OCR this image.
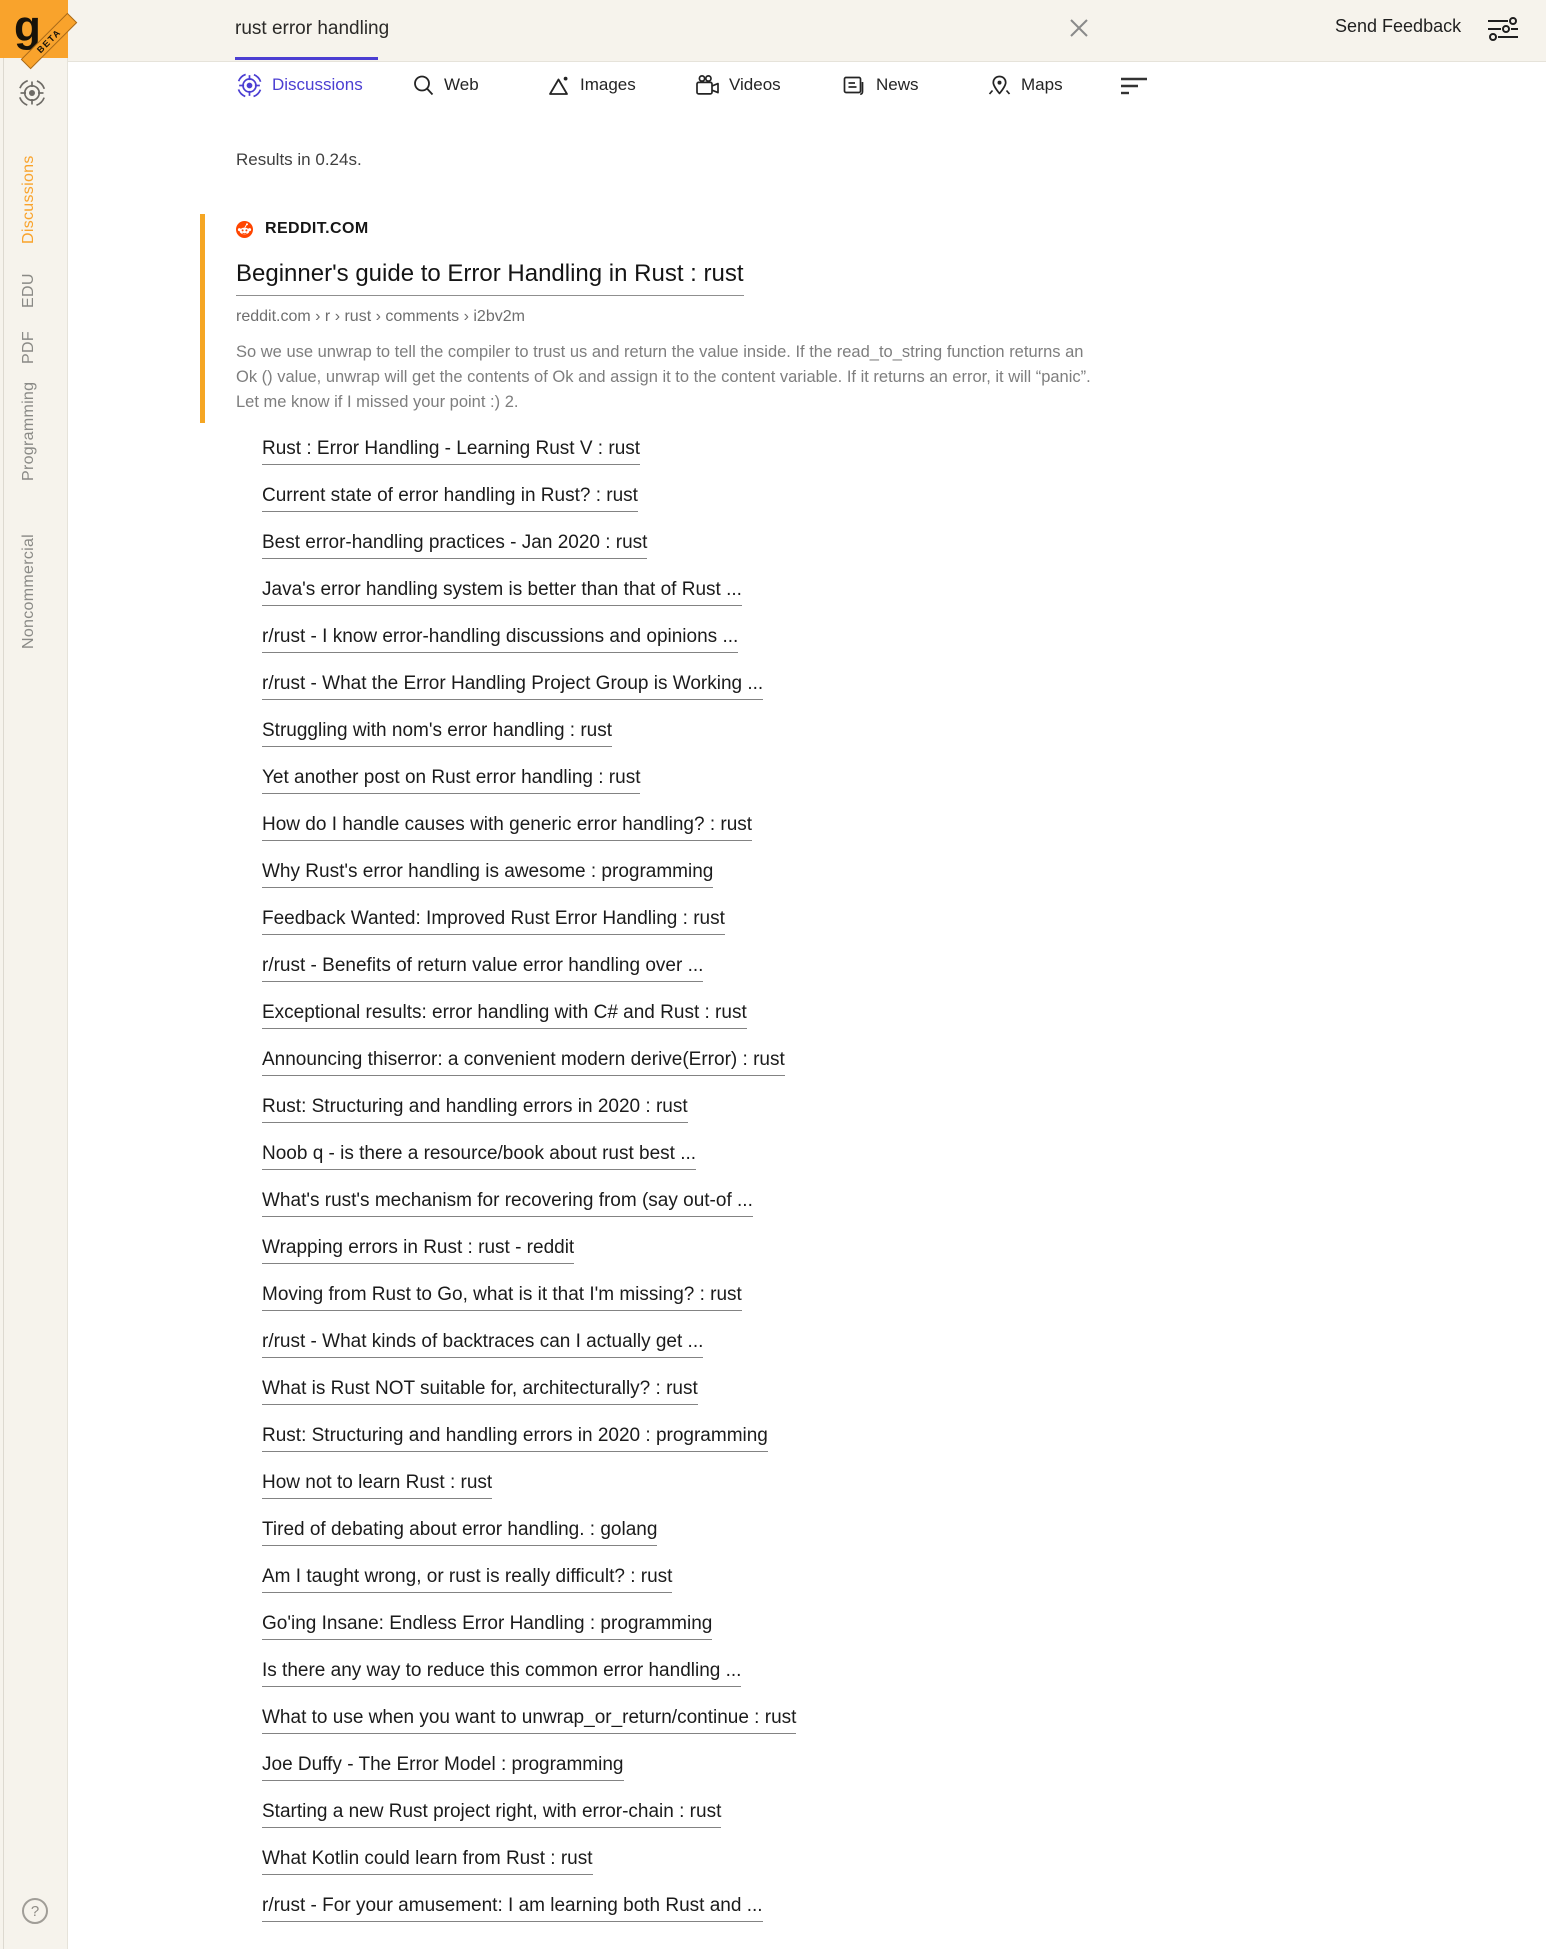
g
BETA
Discussions
EDU
PDF
Programming
Noncommercial
?
rust error handling	Send Feedback
Discussions	Web	Images	Videos	News	Maps
Results in 0.24s.
REDDIT.COM
Beginner's guide to Error Handling in Rust : rust
reddit.com › r › rust › comments › i2bv2m
So we use unwrap to tell the compiler to trust us and return the value inside. If the read_to_string function returns an Ok () value, unwrap will get the contents of Ok and assign it to the content variable. If it returns an error, it will “panic”. Let me know if I missed your point :) 2.
Rust : Error Handling - Learning Rust V : rust
Current state of error handling in Rust? : rust
Best error-handling practices - Jan 2020 : rust
Java's error handling system is better than that of Rust ...
r/rust - I know error-handling discussions and opinions ...
r/rust - What the Error Handling Project Group is Working ...
Struggling with nom's error handling : rust
Yet another post on Rust error handling : rust
How do I handle causes with generic error handling? : rust
Why Rust's error handling is awesome : programming
Feedback Wanted: Improved Rust Error Handling : rust
r/rust - Benefits of return value error handling over ...
Exceptional results: error handling with C# and Rust : rust
Announcing thiserror: a convenient modern derive(Error) : rust
Rust: Structuring and handling errors in 2020 : rust
Noob q - is there a resource/book about rust best ...
What's rust's mechanism for recovering from (say out-of ...
Wrapping errors in Rust : rust - reddit
Moving from Rust to Go, what is it that I'm missing? : rust
r/rust - What kinds of backtraces can I actually get ...
What is Rust NOT suitable for, architecturally? : rust
Rust: Structuring and handling errors in 2020 : programming
How not to learn Rust : rust
Tired of debating about error handling. : golang
Am I taught wrong, or rust is really difficult? : rust
Go'ing Insane: Endless Error Handling : programming
Is there any way to reduce this common error handling ...
What to use when you want to unwrap_or_return/continue : rust
Joe Duffy - The Error Model : programming
Starting a new Rust project right, with error-chain : rust
What Kotlin could learn from Rust : rust
r/rust - For your amusement: I am learning both Rust and ...
